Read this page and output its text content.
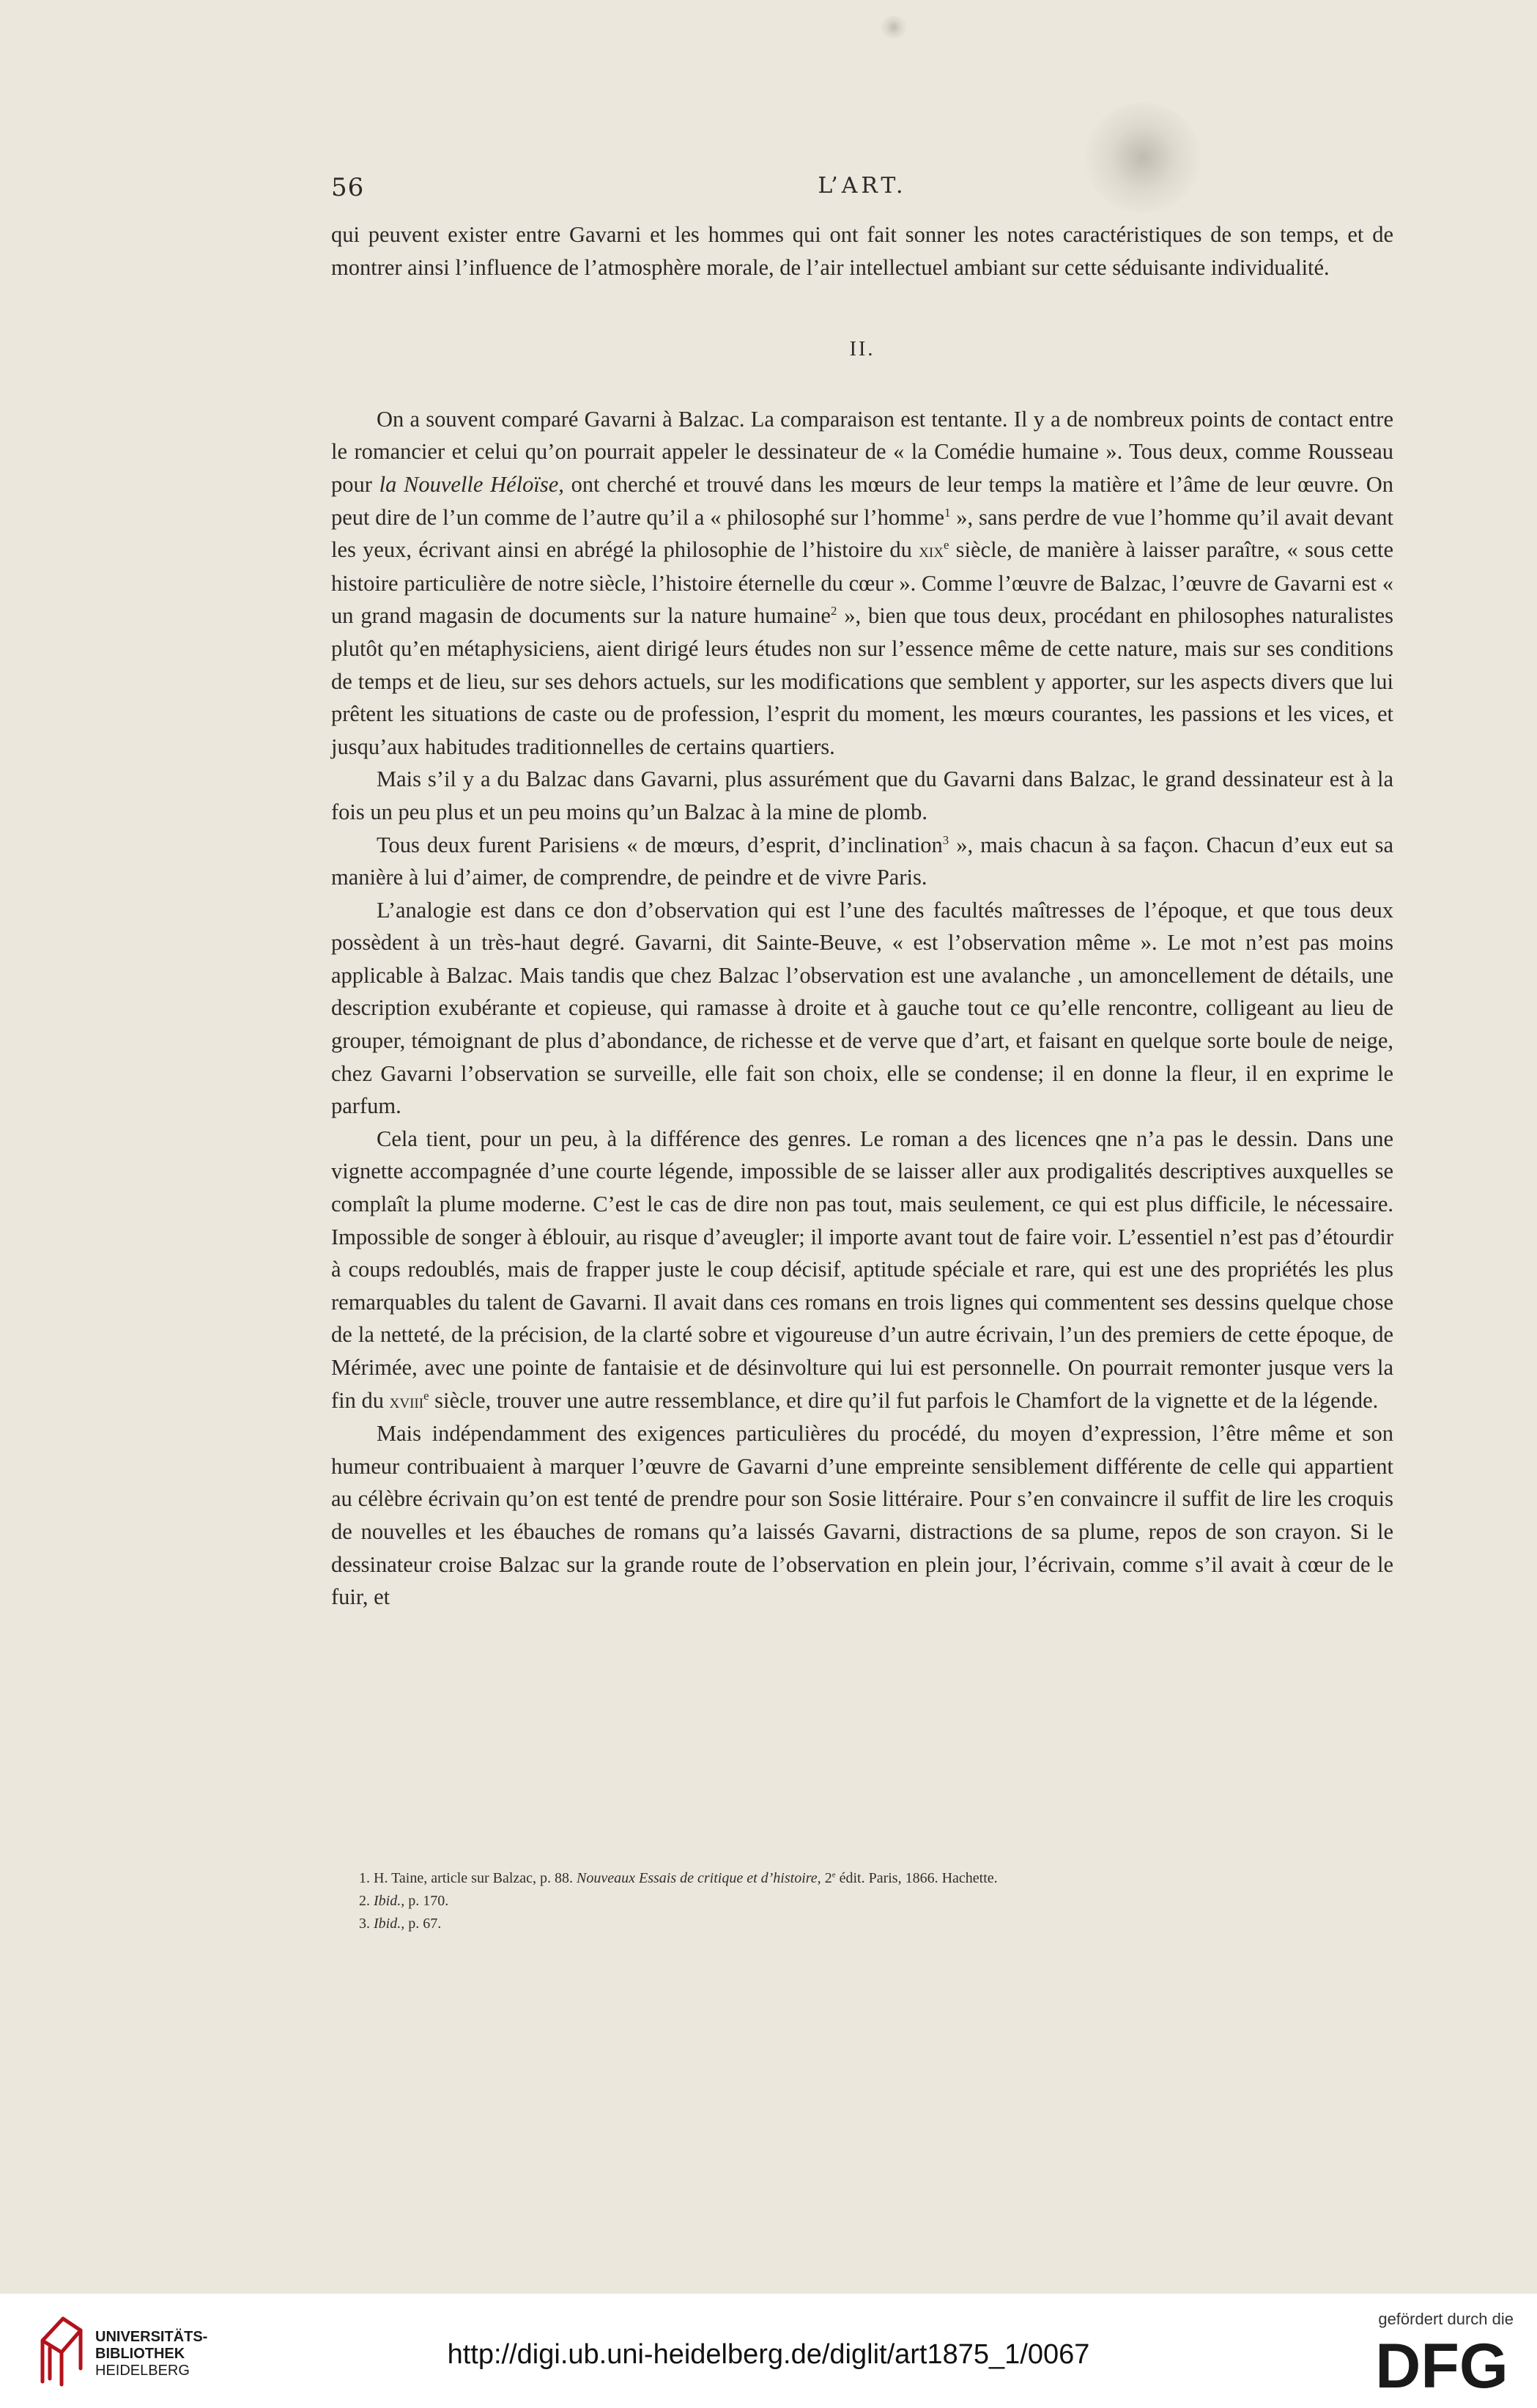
56	L’ART.

qui peuvent exister entre Gavarni et les hommes qui ont fait sonner les notes caractéristiques de son temps, et de montrer ainsi l’influence de l’atmosphère morale, de l’air intellectuel ambiant sur cette séduisante individualité.

II.

On a souvent comparé Gavarni à Balzac. La comparaison est tentante. Il y a de nombreux points de contact entre le romancier et celui qu’on pourrait appeler le dessinateur de « la Comédie humaine ». Tous deux, comme Rousseau pour la Nouvelle Héloïse, ont cherché et trouvé dans les mœurs de leur temps la matière et l’âme de leur œuvre. On peut dire de l’un comme de l’autre qu’il a « philosophé sur l’homme$^1$ », sans perdre de vue l’homme qu’il avait devant les yeux, écrivant ainsi en abrégé la philosophie de l’histoire du xix$^e$ siècle, de manière à laisser paraître, « sous cette histoire particulière de notre siècle, l’histoire éternelle du cœur ». Comme l’œuvre de Balzac, l’œuvre de Gavarni est « un grand magasin de documents sur la nature humaine$^2$ », bien que tous deux, procédant en philosophes naturalistes plutôt qu’en métaphysiciens, aient dirigé leurs études non sur l’essence même de cette nature, mais sur ses conditions de temps et de lieu, sur ses dehors actuels, sur les modifications que semblent y apporter, sur les aspects divers que lui prêtent les situations de caste ou de profession, l’esprit du moment, les mœurs courantes, les passions et les vices, et jusqu’aux habitudes traditionnelles de certains quartiers.

Mais s’il y a du Balzac dans Gavarni, plus assurément que du Gavarni dans Balzac, le grand dessinateur est à la fois un peu plus et un peu moins qu’un Balzac à la mine de plomb.

Tous deux furent Parisiens « de mœurs, d’esprit, d’inclination$^3$ », mais chacun à sa façon. Chacun d’eux eut sa manière à lui d’aimer, de comprendre, de peindre et de vivre Paris.

L’analogie est dans ce don d’observation qui est l’une des facultés maîtresses de l’époque, et que tous deux possèdent à un très-haut degré. Gavarni, dit Sainte-Beuve, « est l’observation même ». Le mot n’est pas moins applicable à Balzac. Mais tandis que chez Balzac l’observation est une avalanche , un amoncellement de détails, une description exubérante et copieuse, qui ramasse à droite et à gauche tout ce qu’elle rencontre, colligeant au lieu de grouper, témoignant de plus d’abondance, de richesse et de verve que d’art, et faisant en quelque sorte boule de neige, chez Gavarni l’observation se surveille, elle fait son choix, elle se condense; il en donne la fleur, il en exprime le parfum.

Cela tient, pour un peu, à la différence des genres. Le roman a des licences qne n’a pas le dessin. Dans une vignette accompagnée d’une courte légende, impossible de se laisser aller aux prodigalités descriptives auxquelles se complaît la plume moderne. C’est le cas de dire non pas tout, mais seulement, ce qui est plus difficile, le nécessaire. Impossible de songer à éblouir, au risque d’aveugler; il importe avant tout de faire voir. L’essentiel n’est pas d’étourdir à coups redoublés, mais de frapper juste le coup décisif, aptitude spéciale et rare, qui est une des propriétés les plus remarquables du talent de Gavarni. Il avait dans ces romans en trois lignes qui commentent ses dessins quelque chose de la netteté, de la précision, de la clarté sobre et vigoureuse d’un autre écrivain, l’un des premiers de cette époque, de Mérimée, avec une pointe de fantaisie et de désinvolture qui lui est personnelle. On pourrait remonter jusque vers la fin du xviii$^e$ siècle, trouver une autre ressemblance, et dire qu’il fut parfois le Chamfort de la vignette et de la légende.

Mais indépendamment des exigences particulières du procédé, du moyen d’expression, l’être même et son humeur contribuaient à marquer l’œuvre de Gavarni d’une empreinte sensiblement différente de celle qui appartient au célèbre écrivain qu’on est tenté de prendre pour son Sosie littéraire. Pour s’en convaincre il suffit de lire les croquis de nouvelles et les ébauches de romans qu’a laissés Gavarni, distractions de sa plume, repos de son crayon. Si le dessinateur croise Balzac sur la grande route de l’observation en plein jour, l’écrivain, comme s’il avait à cœur de le fuir, et

1. H. Taine, article sur Balzac, p. 88. Nouveaux Essais de critique et d’histoire, 2e édit. Paris, 1866. Hachette.
2. Ibid., p. 170.
3. Ibid., p. 67.
UNIVERSITÄTS-
BIBLIOTHEK
HEIDELBERG
http://digi.ub.uni-heidelberg.de/diglit/art1875_1/0067
gefördert durch die
DFG
